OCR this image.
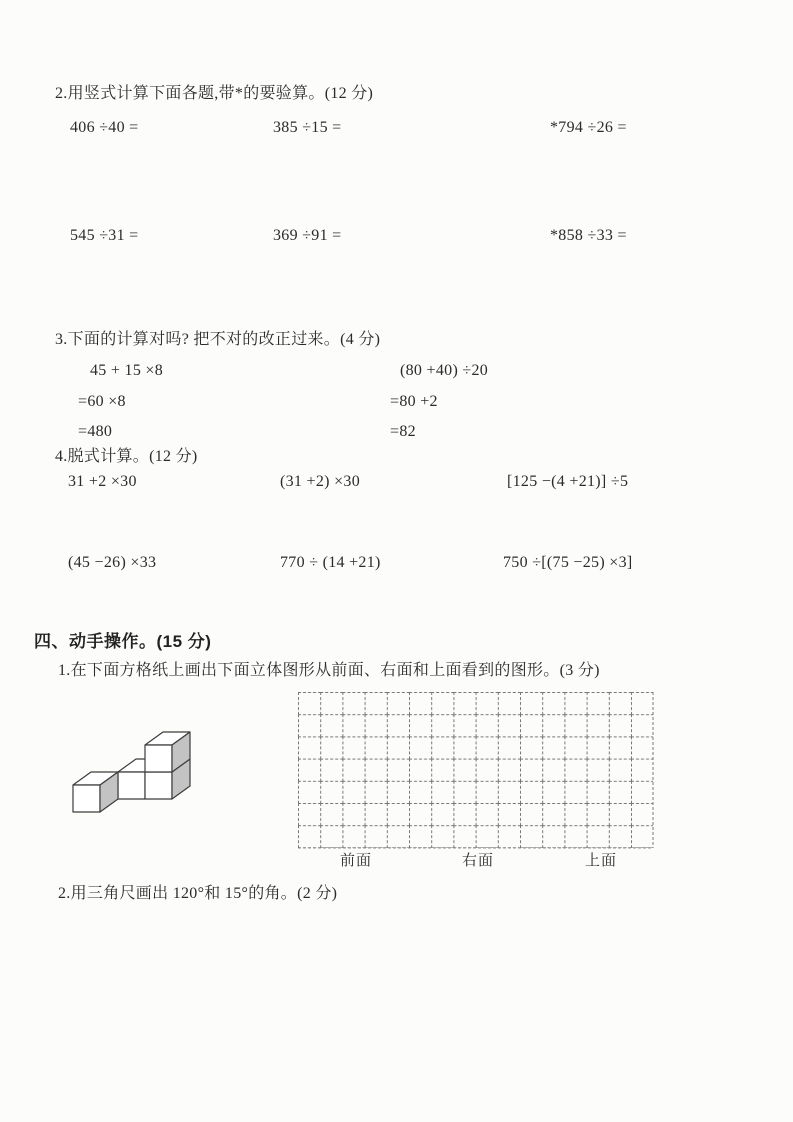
2.用竖式计算下面各题,带*的要验算。(12 分)
406 ÷40 =	385 ÷15 =	*794 ÷26 =
545 ÷31 =	369 ÷91 =	*858 ÷33 =
3.下面的计算对吗? 把不对的改正过来。(4 分)
45 + 15 ×8
=60 ×8
=480
(80 +40) ÷20
=80 +2
=82
4.脱式计算。(12 分)
31 +2 ×30	(31 +2) ×30	[125 −(4 +21)] ÷5
(45 −26) ×33	770 ÷ (14 +21)	750 ÷[(75 −25) ×3]
四、动手操作。(15 分)
1.在下面方格纸上画出下面立体图形从前面、右面和上面看到的图形。(3 分)
前面	右面	上面
2.用三角尺画出 120°和 15°的角。(2 分)
